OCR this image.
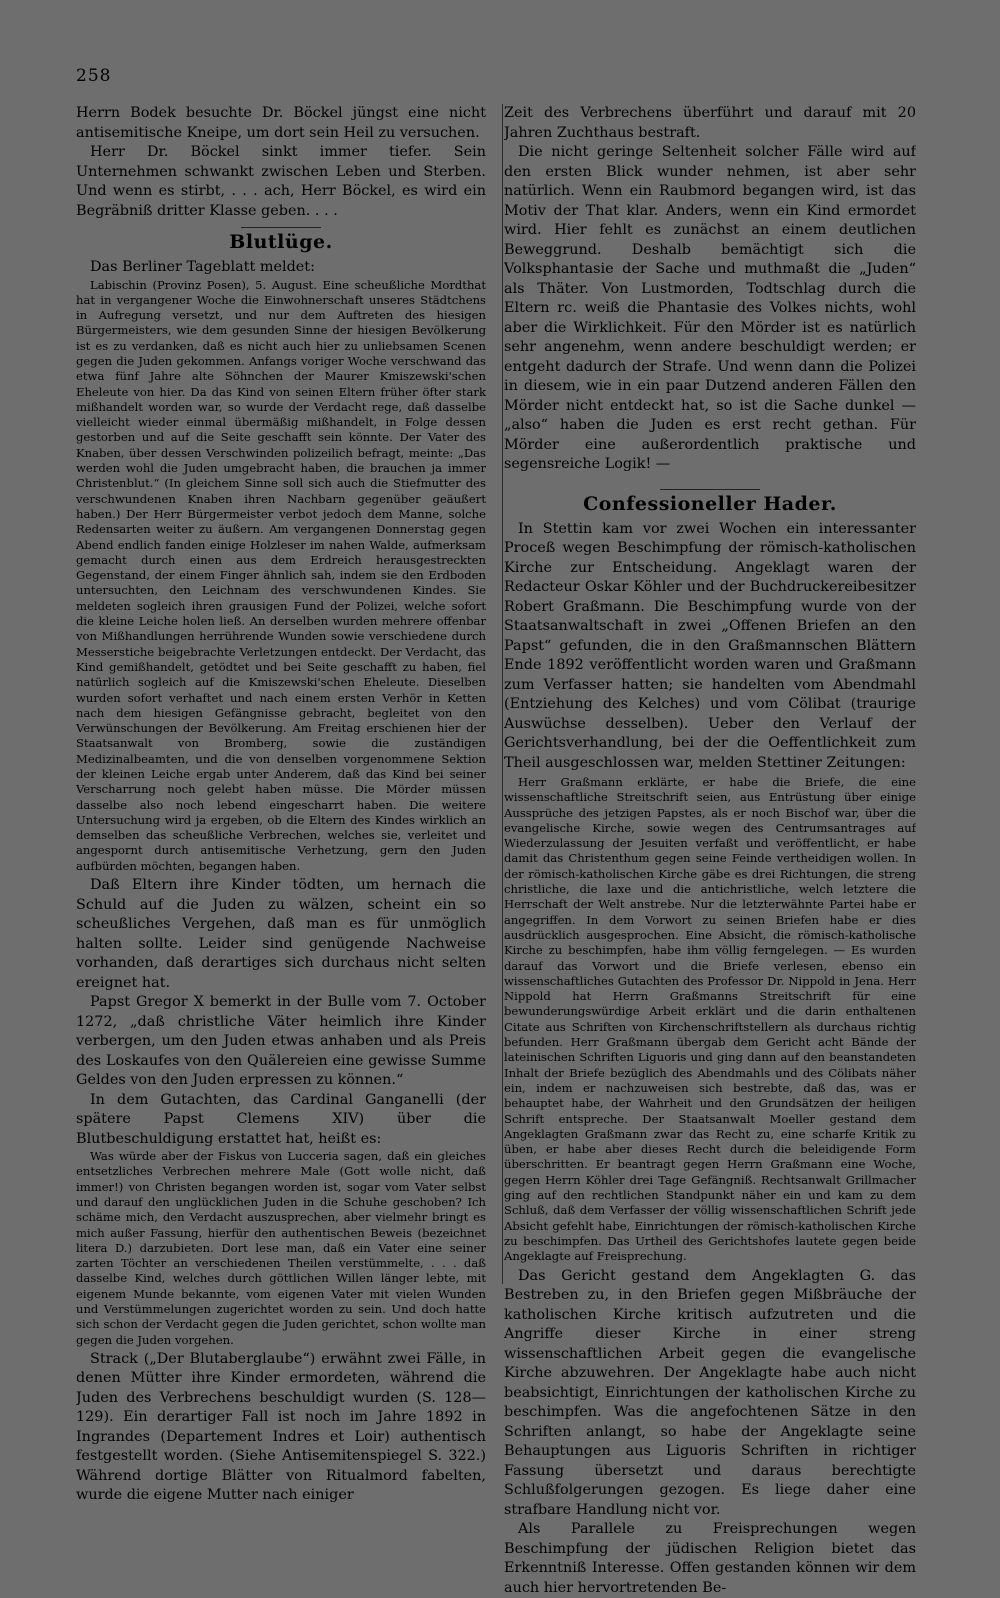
258

Herrn Bodek besuchte Dr. Böckel jüngst eine nicht antisemitische Kneipe, um dort sein Heil zu versuchen.

Herr Dr. Böckel sinkt immer tiefer. Sein Unternehmen schwankt zwischen Leben und Sterben. Und wenn es stirbt, . . . ach, Herr Böckel, es wird ein Begräbniß dritter Klasse geben. . . .

Blutlüge.

Das Berliner Tageblatt meldet:

Labischin (Provinz Posen), 5. August. Eine scheußliche Mordthat hat in vergangener Woche die Einwohnerschaft unseres Städtchens in Aufregung versetzt, und nur dem Auftreten des hiesigen Bürgermeisters, wie dem gesunden Sinne der hiesigen Bevölkerung ist es zu verdanken, daß es nicht auch hier zu unliebsamen Scenen gegen die Juden gekommen. Anfangs voriger Woche verschwand das etwa fünf Jahre alte Söhnchen der Maurer Kmiszewski'schen Eheleute von hier. Da das Kind von seinen Eltern früher öfter stark mißhandelt worden war, so wurde der Verdacht rege, daß dasselbe vielleicht wieder einmal übermäßig mißhandelt, in Folge dessen gestorben und auf die Seite geschafft sein könnte. Der Vater des Knaben, über dessen Verschwinden polizeilich befragt, meinte: „Das werden wohl die Juden umgebracht haben, die brauchen ja immer Christenblut.“ (In gleichem Sinne soll sich auch die Stiefmutter des verschwundenen Knaben ihren Nachbarn gegenüber geäußert haben.) Der Herr Bürgermeister verbot jedoch dem Manne, solche Redensarten weiter zu äußern. Am vergangenen Donnerstag gegen Abend endlich fanden einige Holzleser im nahen Walde, aufmerksam gemacht durch einen aus dem Erdreich herausgestreckten Gegenstand, der einem Finger ähnlich sah, indem sie den Erdboden untersuchten, den Leichnam des verschwundenen Kindes. Sie meldeten sogleich ihren grausigen Fund der Polizei, welche sofort die kleine Leiche holen ließ. An derselben wurden mehrere offenbar von Mißhandlungen herrührende Wunden sowie verschiedene durch Messerstiche beigebrachte Verletzungen entdeckt. Der Verdacht, das Kind gemißhandelt, getödtet und bei Seite geschafft zu haben, fiel natürlich sogleich auf die Kmiszewski'schen Eheleute. Dieselben wurden sofort verhaftet und nach einem ersten Verhör in Ketten nach dem hiesigen Gefängnisse gebracht, begleitet von den Verwünschungen der Bevölkerung. Am Freitag erschienen hier der Staatsanwalt von Bromberg, sowie die zuständigen Medizinalbeamten, und die von denselben vorgenommene Sektion der kleinen Leiche ergab unter Anderem, daß das Kind bei seiner Verscharrung noch gelebt haben müsse. Die Mörder müssen dasselbe also noch lebend eingescharrt haben. Die weitere Untersuchung wird ja ergeben, ob die Eltern des Kindes wirklich an demselben das scheußliche Verbrechen, welches sie, verleitet und angespornt durch antisemitische Verhetzung, gern den Juden aufbürden möchten, begangen haben.

Daß Eltern ihre Kinder tödten, um hernach die Schuld auf die Juden zu wälzen, scheint ein so scheußliches Vergehen, daß man es für unmöglich halten sollte. Leider sind genügende Nachweise vorhanden, daß derartiges sich durchaus nicht selten ereignet hat.

Papst Gregor X bemerkt in der Bulle vom 7. October 1272, „daß christliche Väter heimlich ihre Kinder verbergen, um den Juden etwas anhaben und als Preis des Loskaufes von den Quälereien eine gewisse Summe Geldes von den Juden erpressen zu können.“

In dem Gutachten, das Cardinal Ganganelli (der spätere Papst Clemens XIV) über die Blutbeschuldigung erstattet hat, heißt es:

Was würde aber der Fiskus von Lucceria sagen, daß ein gleiches entsetzliches Verbrechen mehrere Male (Gott wolle nicht, daß immer!) von Christen begangen worden ist, sogar vom Vater selbst und darauf den unglücklichen Juden in die Schuhe geschoben? Ich schäme mich, den Verdacht auszusprechen, aber vielmehr bringt es mich außer Fassung, hierfür den authentischen Beweis (bezeichnet litera D.) darzubieten. Dort lese man, daß ein Vater eine seiner zarten Töchter an verschiedenen Theilen verstümmelte, . . . daß dasselbe Kind, welches durch göttlichen Willen länger lebte, mit eigenem Munde bekannte, vom eigenen Vater mit vielen Wunden und Verstümmelungen zugerichtet worden zu sein. Und doch hatte sich schon der Verdacht gegen die Juden gerichtet, schon wollte man gegen die Juden vorgehen.

Strack („Der Blutaberglaube“) erwähnt zwei Fälle, in denen Mütter ihre Kinder ermordeten, während die Juden des Verbrechens beschuldigt wurden (S. 128—129). Ein derartiger Fall ist noch im Jahre 1892 in Ingrandes (Departement Indres et Loir) authentisch festgestellt worden. (Siehe Antisemitenspiegel S. 322.) Während dortige Blätter von Ritualmord fabelten, wurde die eigene Mutter nach einiger

Zeit des Verbrechens überführt und darauf mit 20 Jahren Zuchthaus bestraft.

Die nicht geringe Seltenheit solcher Fälle wird auf den ersten Blick wunder nehmen, ist aber sehr natürlich. Wenn ein Raubmord begangen wird, ist das Motiv der That klar. Anders, wenn ein Kind ermordet wird. Hier fehlt es zunächst an einem deutlichen Beweggrund. Deshalb bemächtigt sich die Volksphantasie der Sache und muthmaßt die „Juden“ als Thäter. Von Lustmorden, Todtschlag durch die Eltern rc. weiß die Phantasie des Volkes nichts, wohl aber die Wirklichkeit. Für den Mörder ist es natürlich sehr angenehm, wenn andere beschuldigt werden; er entgeht dadurch der Strafe. Und wenn dann die Polizei in diesem, wie in ein paar Dutzend anderen Fällen den Mörder nicht entdeckt hat, so ist die Sache dunkel — „also“ haben die Juden es erst recht gethan. Für Mörder eine außerordentlich praktische und segensreiche Logik! —

Confessioneller Hader.

In Stettin kam vor zwei Wochen ein interessanter Proceß wegen Beschimpfung der römisch-katholischen Kirche zur Entscheidung. Angeklagt waren der Redacteur Oskar Köhler und der Buchdruckereibesitzer Robert Graßmann. Die Beschimpfung wurde von der Staatsanwaltschaft in zwei „Offenen Briefen an den Papst“ gefunden, die in den Graßmannschen Blättern Ende 1892 veröffentlicht worden waren und Graßmann zum Verfasser hatten; sie handelten vom Abendmahl (Entziehung des Kelches) und vom Cölibat (traurige Auswüchse desselben). Ueber den Verlauf der Gerichtsverhandlung, bei der die Oeffentlichkeit zum Theil ausgeschlossen war, melden Stettiner Zeitungen:

Herr Graßmann erklärte, er habe die Briefe, die eine wissenschaftliche Streitschrift seien, aus Entrüstung über einige Aussprüche des jetzigen Papstes, als er noch Bischof war, über die evangelische Kirche, sowie wegen des Centrumsantrages auf Wiederzulassung der Jesuiten verfaßt und veröffentlicht, er habe damit das Christenthum gegen seine Feinde vertheidigen wollen. In der römisch-katholischen Kirche gäbe es drei Richtungen, die streng christliche, die laxe und die antichristliche, welch letztere die Herrschaft der Welt anstrebe. Nur die letzterwähnte Partei habe er angegriffen. In dem Vorwort zu seinen Briefen habe er dies ausdrücklich ausgesprochen. Eine Absicht, die römisch-katholische Kirche zu beschimpfen, habe ihm völlig ferngelegen. — Es wurden darauf das Vorwort und die Briefe verlesen, ebenso ein wissenschaftliches Gutachten des Professor Dr. Nippold in Jena. Herr Nippold hat Herrn Graßmanns Streitschrift für eine bewunderungswürdige Arbeit erklärt und die darin enthaltenen Citate aus Schriften von Kirchenschriftstellern als durchaus richtig befunden. Herr Graßmann übergab dem Gericht acht Bände der lateinischen Schriften Liguoris und ging dann auf den beanstandeten Inhalt der Briefe bezüglich des Abendmahls und des Cölibats näher ein, indem er nachzuweisen sich bestrebte, daß das, was er behauptet habe, der Wahrheit und den Grundsätzen der heiligen Schrift entspreche. Der Staatsanwalt Moeller gestand dem Angeklagten Graßmann zwar das Recht zu, eine scharfe Kritik zu üben, er habe aber dieses Recht durch die beleidigende Form überschritten. Er beantragt gegen Herrn Graßmann eine Woche, gegen Herrn Köhler drei Tage Gefängniß. Rechtsanwalt Grillmacher ging auf den rechtlichen Standpunkt näher ein und kam zu dem Schluß, daß dem Verfasser der völlig wissenschaftlichen Schrift jede Absicht gefehlt habe, Einrichtungen der römisch-katholischen Kirche zu beschimpfen. Das Urtheil des Gerichtshofes lautete gegen beide Angeklagte auf Freisprechung.

Das Gericht gestand dem Angeklagten G. das Bestreben zu, in den Briefen gegen Mißbräuche der katholischen Kirche kritisch aufzutreten und die Angriffe dieser Kirche in einer streng wissenschaftlichen Arbeit gegen die evangelische Kirche abzuwehren. Der Angeklagte habe auch nicht beabsichtigt, Einrichtungen der katholischen Kirche zu beschimpfen. Was die angefochtenen Sätze in den Schriften anlangt, so habe der Angeklagte seine Behauptungen aus Liguoris Schriften in richtiger Fassung übersetzt und daraus berechtigte Schlußfolgerungen gezogen. Es liege daher eine strafbare Handlung nicht vor.

Als Parallele zu Freisprechungen wegen Beschimpfung der jüdischen Religion bietet das Erkenntniß Interesse. Offen gestanden können wir dem auch hier hervortretenden Be-
